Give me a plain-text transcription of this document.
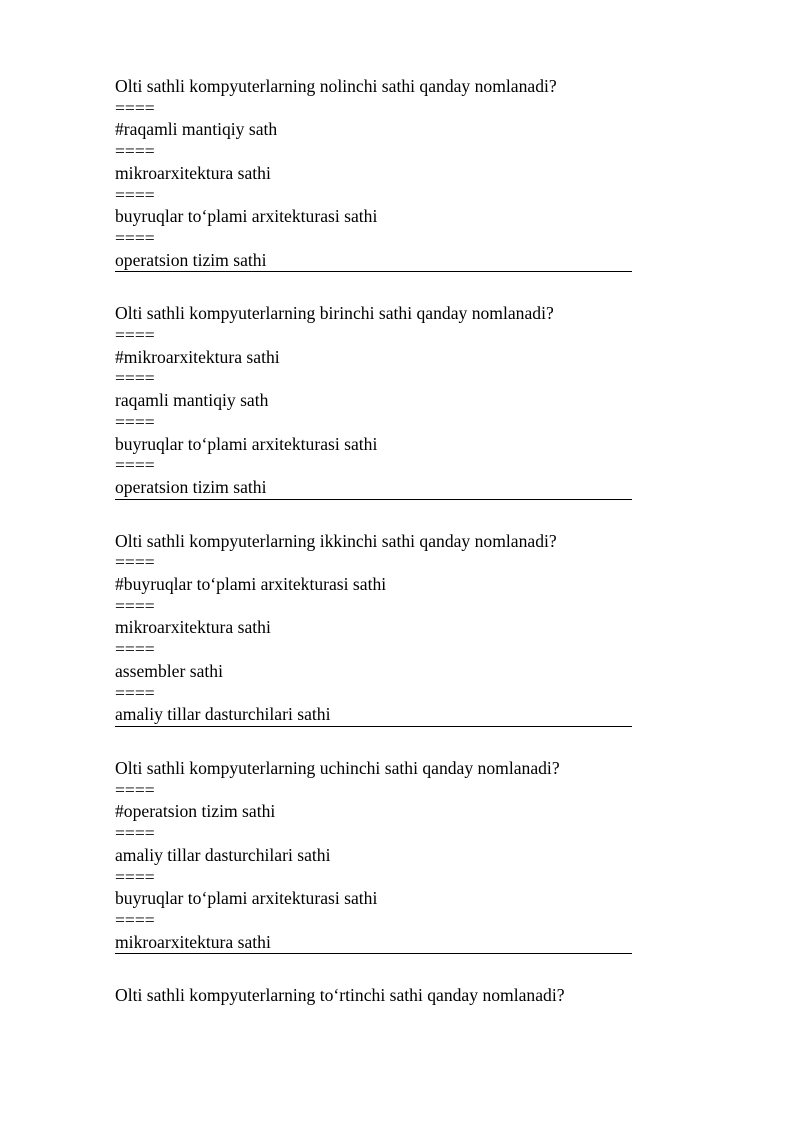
Olti sathli kompyuterlarning nolinchi sathi qanday nomlanadi?
====
#raqamli mantiqiy sath
====
mikroarxitektura sathi
====
buyruqlar to‘plami arxitekturasi sathi
====
operatsion tizim sathi
Olti sathli kompyuterlarning birinchi sathi qanday nomlanadi?
====
#mikroarxitektura sathi
====
raqamli mantiqiy sath
====
buyruqlar to‘plami arxitekturasi sathi
====
operatsion tizim sathi
Olti sathli kompyuterlarning ikkinchi sathi qanday nomlanadi?
====
#buyruqlar to‘plami arxitekturasi sathi
====
mikroarxitektura sathi
====
assembler sathi
====
amaliy tillar dasturchilari sathi
Olti sathli kompyuterlarning uchinchi sathi qanday nomlanadi?
====
#operatsion tizim sathi
====
amaliy tillar dasturchilari sathi
====
buyruqlar to‘plami arxitekturasi sathi
====
mikroarxitektura sathi
Olti sathli kompyuterlarning to‘rtinchi sathi qanday nomlanadi?
